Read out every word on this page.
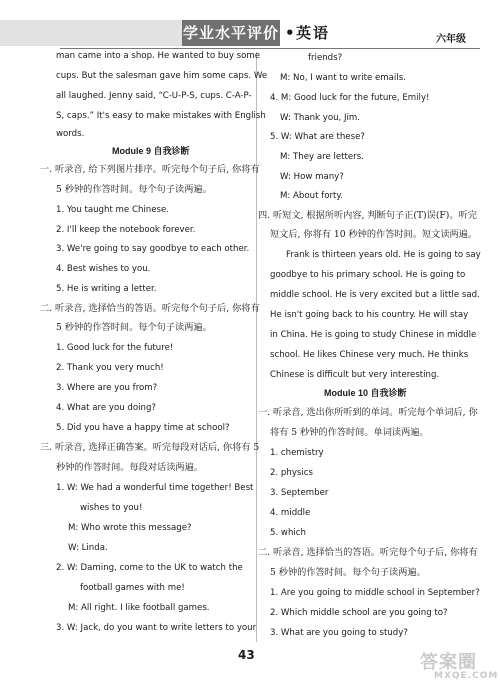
学业水平评价 • 英语	六年级
man came into a shop. He wanted to buy some
cups. But the salesman gave him some caps. We
all laughed. Jenny said, “C-U-P-S, cups. C-A-P-
S, caps.” It's easy to make mistakes with English
words.
Module 9 自我诊断
一. 听录音, 给下列图片排序。听完每个句子后, 你将有
5 秒钟的作答时间。每个句子读两遍。
1. You taught me Chinese.
2. I'll keep the notebook forever.
3. We're going to say goodbye to each other.
4. Best wishes to you.
5. He is writing a letter.
二. 听录音, 选择恰当的答语。听完每个句子后, 你将有
5 秒钟的作答时间。每个句子读两遍。
1. Good luck for the future!
2. Thank you very much!
3. Where are you from?
4. What are you doing?
5. Did you have a happy time at school?
三. 听录音, 选择正确答案。听完每段对话后, 你将有 5
秒钟的作答时间。每段对话读两遍。
1. W: We had a wonderful time together! Best
wishes to you!
M: Who wrote this message?
W: Linda.
2. W: Daming, come to the UK to watch the
football games with me!
M: All right. I like football games.
3. W: Jack, do you want to write letters to your
friends?
M: No, I want to write emails.
4. M: Good luck for the future, Emily!
W: Thank you, Jim.
5. W: What are these?
M: They are letters.
W: How many?
M: About forty.
四. 听短文, 根据所听内容, 判断句子正(T)误(F)。听完
短文后, 你将有 10 秒钟的作答时间。短文读两遍。
Frank is thirteen years old. He is going to say
goodbye to his primary school. He is going to
middle school. He is very excited but a little sad.
He isn't going back to his country. He will stay
in China. He is going to study Chinese in middle
school. He likes Chinese very much. He thinks
Chinese is difficult but very interesting.
Module 10 自我诊断
一. 听录音, 选出你所听到的单词。听完每个单词后, 你
将有 5 秒钟的作答时间。单词读两遍。
1. chemistry
2. physics
3. September
4. middle
5. which
二. 听录音, 选择恰当的答语。听完每个句子后, 你将有
5 秒钟的作答时间。每个句子读两遍。
1. Are you going to middle school in September?
2. Which middle school are you going to?
3. What are you going to study?
43	答案圈
MXQE.COM
